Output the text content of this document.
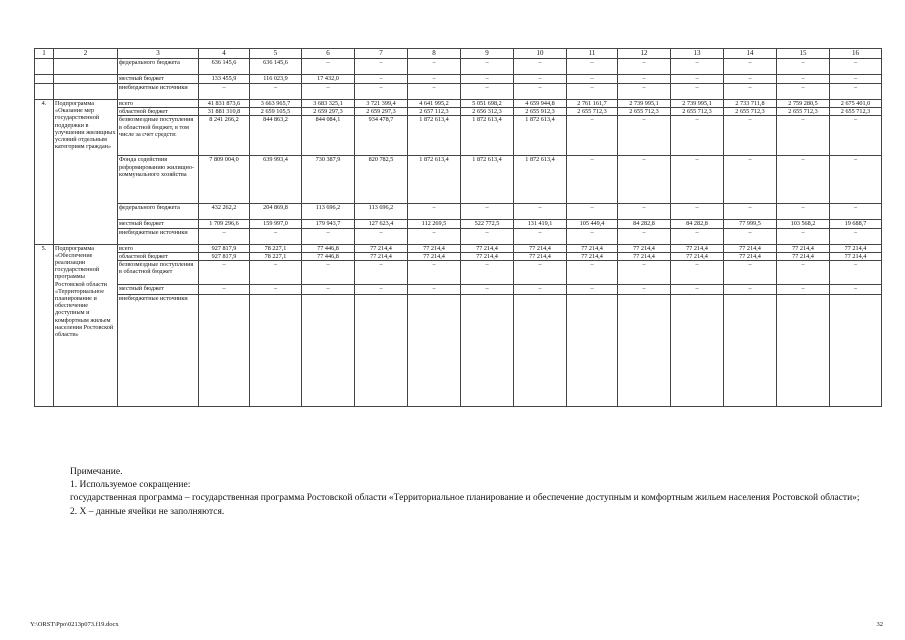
1	2	3	4	5	6	7	8	9	10	11	12	13	14	15	16
		федерального бюджета	636 145,6	636 145,6	–	–	–	–	–	–	–	–	–	–	–
		местный бюджет	133 455,9	116 023,9	17 432,0	–	–	–	–	–	–	–	–	–	–
		внебюджетные источники	–	–	–	–	–	–	–	–	–	–	–	–	–
4.	Подпрограмма «Оказание мер государственной поддержки в улучшении жилищных условий отдельным категориям граждан»	всего	41 831 873,6	3 663 965,7	3 683 325,1	3 721 399,4	4 641 995,2	5 051 698,2	4 659 944,8	2 761 161,7	2 739 995,1	2 739 995,1	2 733 711,8	2 759 280,5	2 675 401,0
		областной бюджет	31 881 310,8	2 659 105,5	2 659 297,3	2 659 297,3	2 657 112,3	2 656 312,3	2 655 912,3	2 655 712,3	2 655 712,3	2 655 712,3	2 655 712,3	2 655 712,3	2 655 712,3
		безвозмездные поступления в областной бюджет, в том числе за счет средств:	8 241 266,2	844 863,2	844 084,1	934 478,7	1 872 613,4	1 872 613,4	1 872 613,4	–	–	–	–	–	–
		Фонда содействия реформированию жилищно-коммунального хозяйства	7 809 004,0	639 993,4	730 387,9	820 782,5	1 872 613,4	1 872 613,4	1 872 613,4	–	–	–	–	–	–
		федерального бюджета	432 262,2	204 869,8	113 696,2	113 696,2	–	–	–	–	–	–	–	–	–
		местный бюджет	1 709 296,6	159 997,0	179 943,7	127 623,4	112 269,5	522 772,5	131 419,1	105 449,4	84 282,8	84 282,8	77 999,5	103 568,2	19 688,7
		внебюджетные источники	–	–	–	–	–	–	–	–	–	–	–	–	–
5.	Подпрограмма «Обеспечение реализации государственной программы Ростовской области «Территориальное планирование и обеспечение доступным и комфортным жильем населения Ростовской области»	всего	927 817,9	78 227,1	77 446,8	77 214,4	77 214,4	77 214,4	77 214,4	77 214,4	77 214,4	77 214,4	77 214,4	77 214,4	77 214,4
		областной бюджет	927 817,9	78 227,1	77 446,8	77 214,4	77 214,4	77 214,4	77 214,4	77 214,4	77 214,4	77 214,4	77 214,4	77 214,4	77 214,4
		безвозмездные поступления в областной бюджет	–	–	–	–	–	–	–	–	–	–	–	–	–
		местный бюджет	–	–	–	–	–	–	–	–	–	–	–	–	–
		внебюджетные источники													

Примечание.

1. Используемое сокращение:

государственная программа – государственная программа Ростовской области «Территориальное планирование и обеспечение доступным и комфортным жильем населения Ростовской области»;

2. Х – данные ячейки не заполняются.

Y:\ORST\Ppo\0213p073.f19.docx	32
